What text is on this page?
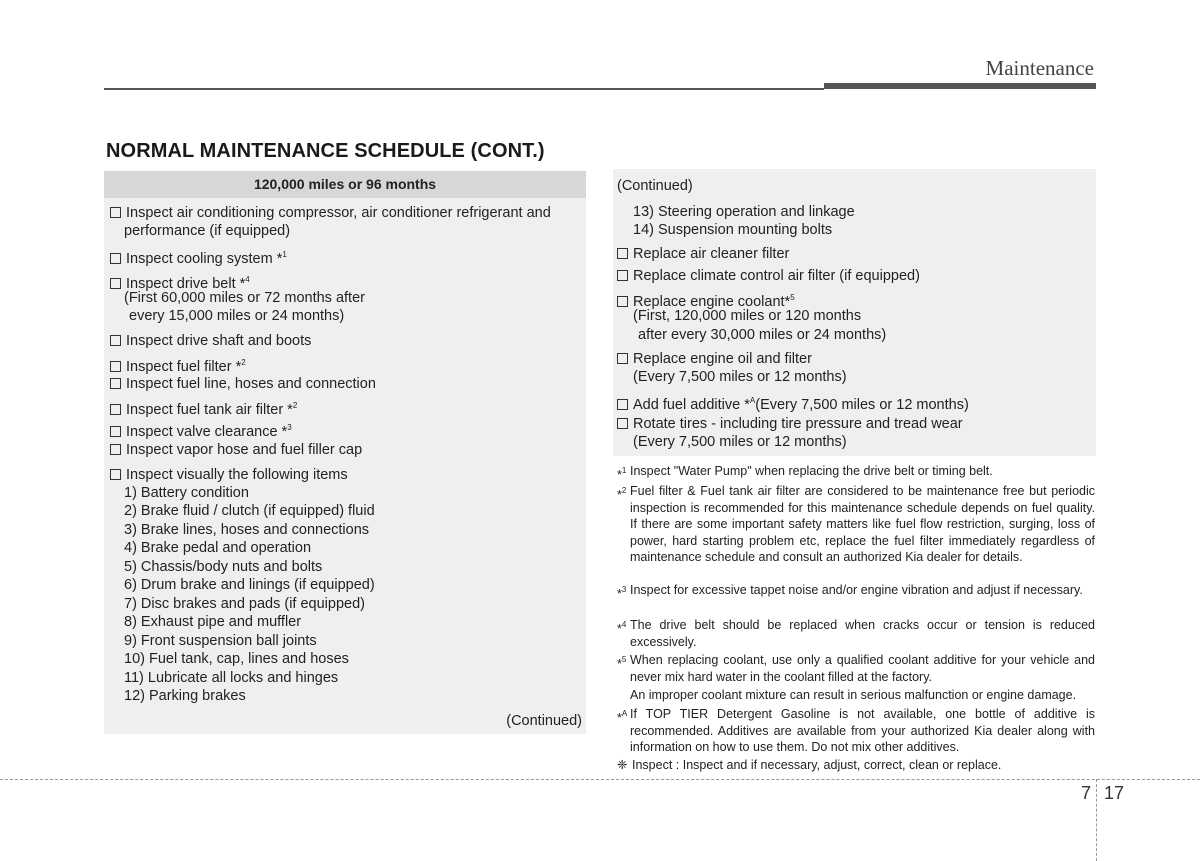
Maintenance
NORMAL MAINTENANCE SCHEDULE (CONT.)
120,000 miles or 96 months
Inspect air conditioning compressor, air conditioner refrigerant and
performance (if equipped)
Inspect cooling system *$^1$
Inspect drive belt *$^4$
(First 60,000 miles or 72 months after
every 15,000 miles or 24 months)
Inspect drive shaft and boots
Inspect fuel filter *$^2$
Inspect fuel line, hoses and connection
Inspect fuel tank air filter *$^2$
Inspect valve clearance *$^3$
Inspect vapor hose and fuel filler cap
Inspect visually the following items
1) Battery condition
2) Brake fluid / clutch (if equipped) fluid
3) Brake lines, hoses and connections
4) Brake pedal and operation
5) Chassis/body nuts and bolts
6) Drum brake and linings (if equipped)
7) Disc brakes and pads (if equipped)
8) Exhaust pipe and muffler
9) Front suspension ball joints
10) Fuel tank, cap, lines and hoses
11) Lubricate all locks and hinges
12) Parking brakes
(Continued)
(Continued)
13) Steering operation and linkage
14) Suspension mounting bolts
Replace air cleaner filter
Replace climate control air filter (if equipped)
Replace engine coolant*$^5$
(First, 120,000 miles or 120 months
after every 30,000 miles or 24 months)
Replace engine oil and filter
(Every 7,500 miles or 12 months)
Add fuel additive *$^A$(Every 7,500 miles or 12 months)
Rotate tires - including tire pressure and tread wear
(Every 7,500 miles or 12 months)
*$^1$ Inspect "Water Pump" when replacing the drive belt or timing belt.
*$^2$ Fuel filter & Fuel tank air filter are considered to be maintenance free but periodic inspection is recommended for this maintenance schedule depends on fuel quality. If there are some important safety matters like fuel flow restriction, surging, loss of power, hard starting problem etc, replace the fuel filter immediately regardless of maintenance schedule and consult an authorized Kia dealer for details.
*$^3$ Inspect for excessive tappet noise and/or engine vibration and adjust if necessary.
*$^4$ The drive belt should be replaced when cracks occur or tension is reduced excessively.
*$^5$ When replacing coolant, use only a qualified coolant additive for your vehicle and never mix hard water in the coolant filled at the factory.
An improper coolant mixture can result in serious malfunction or engine damage.
*$^A$ If TOP TIER Detergent Gasoline is not available, one bottle of additive is recommended. Additives are available from your authorized Kia dealer along with information on how to use them. Do not mix other additives.
❈ Inspect : Inspect and if necessary, adjust, correct, clean or replace.
7 17
